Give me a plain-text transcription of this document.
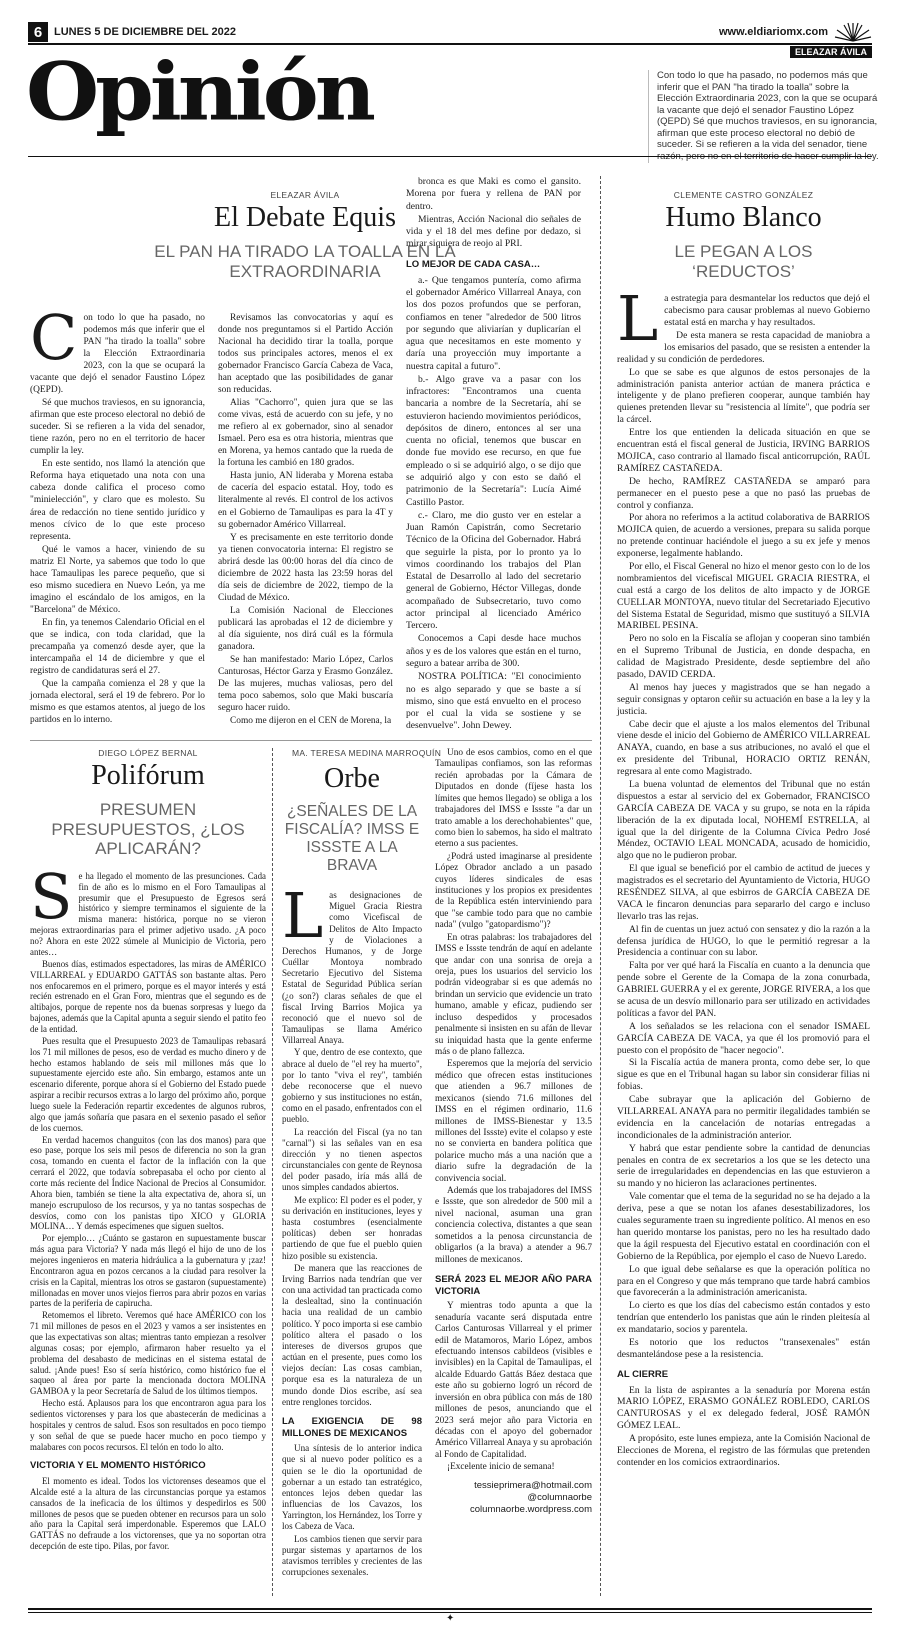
6	LUNES 5 DE DICIEMBRE DEL 2022	www.eldiariomx.com
ELEAZAR ÁVILA
Opinión	Con todo lo que ha pasado, no podemos más que inferir que el PAN "ha tirado la toalla" sobre la Elección Extraordinaria 2023, con la que se ocupará la vacante que dejó el senador Faustino López (QEPD) Sé que muchos traviesos, en su ignorancia, afirman que este proceso electoral no debió de suceder. Si se refieren a la vida del senador, tiene razón, pero no en el territorio de hacer cumplir la ley.
ELEAZAR ÁVILA
El Debate Equis
EL PAN HA TIRADO LA TOALLA EN LA EXTRAORDINARIA

Con todo lo que ha pasado, no podemos más que inferir que el PAN "ha tirado la toalla" sobre la Elección Extraordinaria 2023, con la que se ocupará la vacante que dejó el senador Faustino López (QEPD).

Sé que muchos traviesos, en su ignorancia, afirman que este proceso electoral no debió de suceder. Si se refieren a la vida del senador, tiene razón, pero no en el territorio de hacer cumplir la ley.

En este sentido, nos llamó la atención que Reforma haya etiquetado una nota con una cabeza donde califica el proceso como "minielección", y claro que es molesto. Su área de redacción no tiene sentido jurídico y menos cívico de lo que este proceso representa.

Qué le vamos a hacer, viniendo de su matriz El Norte, ya sabemos que todo lo que hace Tamaulipas les parece pequeño, que si eso mismo sucediera en Nuevo León, ya me imagino el escándalo de los amigos, en la "Barcelona" de México.

En fin, ya tenemos Calendario Oficial en el que se indica, con toda claridad, que la precampaña ya comenzó desde ayer, que la intercampaña el 14 de diciembre y que el registro de candidaturas será el 27.

Que la campaña comienza el 28 y que la jornada electoral, será el 19 de febrero. Por lo mismo es que estamos atentos, al juego de los partidos en lo interno.

Revisamos las convocatorias y aquí es donde nos preguntamos si el Partido Acción Nacional ha decidido tirar la toalla, porque todos sus principales actores, menos el ex gobernador Francisco García Cabeza de Vaca, han aceptado que las posibilidades de ganar son reducidas.

Alias "Cachorro", quien jura que se las come vivas, está de acuerdo con su jefe, y no me refiero al ex gobernador, sino al senador Ismael. Pero esa es otra historia, mientras que en Morena, ya hemos cantado que la rueda de la fortuna les cambió en 180 grados.

Hasta junio, AN lideraba y Morena estaba de cacería del espacio estatal. Hoy, todo es literalmente al revés. El control de los activos en el Gobierno de Tamaulipas es para la 4T y su gobernador Américo Villarreal.

Y es precisamente en este territorio donde ya tienen convocatoria interna: El registro se abrirá desde las 00:00 horas del día cinco de diciembre de 2022 hasta las 23:59 horas del día seis de diciembre de 2022, tiempo de la Ciudad de México.

La Comisión Nacional de Elecciones publicará las aprobadas el 12 de diciembre y al día siguiente, nos dirá cuál es la fórmula ganadora.

Se han manifestado: Mario López, Carlos Canturosas, Héctor Garza y Erasmo González. De las mujeres, muchas valiosas, pero del tema poco sabemos, solo que Maki buscaría seguro hacer ruido.

Como me dijeron en el CEN de Morena, la

bronca es que Maki es como el gansito. Morena por fuera y rellena de PAN por dentro.

Mientras, Acción Nacional dio señales de vida y el 18 del mes define por dedazo, si mirar siquiera de reojo al PRI.

LO MEJOR DE CADA CASA…

a.- Que tengamos puntería, como afirma el gobernador Américo Villarreal Anaya, con los dos pozos profundos que se perforan, confiamos en tener "alrededor de 500 litros por segundo que aliviarían y duplicarían el agua que necesitamos en este momento y daría una proyección muy importante a nuestra capital a futuro".

b.- Algo grave va a pasar con los infractores: "Encontramos una cuenta bancaria a nombre de la Secretaría, ahí se estuvieron haciendo movimientos periódicos, depósitos de dinero, entonces al ser una cuenta no oficial, tenemos que buscar en donde fue movido ese recurso, en que fue empleado o si se adquirió algo, o se dijo que se adquirió algo y con esto se dañó el patrimonio de la Secretaría": Lucía Aimé Castillo Pastor.

c.- Claro, me dio gusto ver en estelar a Juan Ramón Capistrán, como Secretario Técnico de la Oficina del Gobernador. Habrá que seguirle la pista, por lo pronto ya lo vimos coordinando los trabajos del Plan Estatal de Desarrollo al lado del secretario general de Gobierno, Héctor Villegas, donde acompañado de Subsecretario, tuvo como actor principal al licenciado Américo Tercero.

Conocemos a Capi desde hace muchos años y es de los valores que están en el turno, seguro a batear arriba de 300.

NOSTRA POLÍTICA: "El conocimiento no es algo separado y que se baste a sí mismo, sino que está envuelto en el proceso por el cual la vida se sostiene y se desenvuelve". John Dewey.

CLEMENTE CASTRO GONZÁLEZ
Humo Blanco
LE PEGAN A LOS ‘REDUCTOS’

La estrategia para desmantelar los reductos que dejó el cabecismo para causar problemas al nuevo Gobierno estatal está en marcha y hay resultados.

De esta manera se resta capacidad de maniobra a los emisarios del pasado, que se resisten a entender la realidad y su condición de perdedores.

Lo que se sabe es que algunos de estos personajes de la administración panista anterior actúan de manera práctica e inteligente y de plano prefieren cooperar, aunque también hay quienes pretenden llevar su "resistencia al límite", que podría ser la cárcel.

Entre los que entienden la delicada situación en que se encuentran está el fiscal general de Justicia, IRVING BARRIOS MOJICA, caso contrario al llamado fiscal anticorrupción, RAÚL RAMÍREZ CASTAÑEDA.

De hecho, RAMÍREZ CASTAÑEDA se amparó para permanecer en el puesto pese a que no pasó las pruebas de control y confianza.

Por ahora no referimos a la actitud colaborativa de BARRIOS MOJICA quien, de acuerdo a versiones, prepara su salida porque no pretende continuar haciéndole el juego a su ex jefe y menos exponerse, legalmente hablando.

Por ello, el Fiscal General no hizo el menor gesto con lo de los nombramientos del vicefiscal MIGUEL GRACIA RIESTRA, el cual está a cargo de los delitos de alto impacto y de JORGE CUELLAR MONTOYA, nuevo titular del Secretariado Ejecutivo del Sistema Estatal de Seguridad, mismo que sustituyó a SILVIA MARIBEL PESINA.

Pero no solo en la Fiscalía se aflojan y cooperan sino también en el Supremo Tribunal de Justicia, en donde despacha, en calidad de Magistrado Presidente, desde septiembre del año pasado, DAVID CERDA.

Al menos hay jueces y magistrados que se han negado a seguir consignas y optaron ceñir su actuación en base a la ley y la justicia.

Cabe decir que el ajuste a los malos elementos del Tribunal viene desde el inicio del Gobierno de AMÉRICO VILLARREAL ANAYA, cuando, en base a sus atribuciones, no avaló el que el ex presidente del Tribunal, HORACIO ORTIZ RENÁN, regresara al ente como Magistrado.

La buena voluntad de elementos del Tribunal que no están dispuestos a estar al servicio del ex Gobernador, FRANCISCO GARCÍA CABEZA DE VACA y su grupo, se nota en la rápida liberación de la ex diputada local, NOHEMÍ ESTRELLA, al igual que la del dirigente de la Columna Cívica Pedro José Méndez, OCTAVIO LEAL MONCADA, acusado de homicidio, algo que no le pudieron probar.

El que igual se benefició por el cambio de actitud de jueces y magistrados es el secretario del Ayuntamiento de Victoria, HUGO RESÉNDEZ SILVA, al que esbirros de GARCÍA CABEZA DE VACA le fincaron denuncias para separarlo del cargo e incluso llevarlo tras las rejas.

Al fin de cuentas un juez actuó con sensatez y dio la razón a la defensa jurídica de HUGO, lo que le permitió regresar a la Presidencia a continuar con su labor.

Falta por ver qué hará la Fiscalía en cuanto a la denuncia que pende sobre el Gerente de la Comapa de la zona conurbada, GABRIEL GUERRA y el ex gerente, JORGE RIVERA, a los que se acusa de un desvío millonario para ser utilizado en actividades políticas a favor del PAN.

A los señalados se les relaciona con el senador ISMAEL GARCÍA CABEZA DE VACA, ya que él los promovió para el puesto con el propósito de "hacer negocio".

Si la Fiscalía actúa de manera pronta, como debe ser, lo que sigue es que en el Tribunal hagan su labor sin considerar filias ni fobias.

Cabe subrayar que la aplicación del Gobierno de VILLARREAL ANAYA para no permitir ilegalidades también se evidencia en la cancelación de notarías entregadas a incondicionales de la administración anterior.

Y habrá que estar pendiente sobre la cantidad de denuncias penales en contra de ex secretarios a los que se les detecto una serie de irregularidades en dependencias en las que estuvieron a su mando y no hicieron las aclaraciones pertinentes.

Vale comentar que el tema de la seguridad no se ha dejado a la deriva, pese a que se notan los afanes desestabilizadores, los cuales seguramente traen su ingrediente político. Al menos en eso han querido montarse los panistas, pero no les ha resultado dado que la ágil respuesta del Ejecutivo estatal en coordinación con el Gobierno de la República, por ejemplo el caso de Nuevo Laredo.

Lo que igual debe señalarse es que la operación política no para en el Congreso y que más temprano que tarde habrá cambios que favorecerán a la administración americanista.

Lo cierto es que los días del cabecismo están contados y esto tendrían que entenderlo los panistas que aún le rinden pleitesía al ex mandatario, socios y parentela.

Es notorio que los reductos "transexenales" están desmantelándose pese a la resistencia.

AL CIERRE

En la lista de aspirantes a la senaduría por Morena están MARIO LÓPEZ, ERASMO GONÁLEZ ROBLEDO, CARLOS CANTUROSAS y el ex delegado federal, JOSÉ RAMÓN GÓMEZ LEAL.

A propósito, este lunes empieza, ante la Comisión Nacional de Elecciones de Morena, el registro de las fórmulas que pretenden contender en los comicios extraordinarios.

DIEGO LÓPEZ BERNAL
Polifórum
PRESUMEN PRESUPUESTOS, ¿LOS APLICARÁN?

Se ha llegado el momento de las presunciones. Cada fin de año es lo mismo en el Foro Tamaulipas al presumir que el Presupuesto de Egresos será histórico y siempre terminamos el siguiente de la misma manera: histórica, porque no se vieron mejoras extraordinarias para el primer adjetivo usado. ¿A poco no? Ahora en este 2022 súmele al Municipio de Victoria, pero antes…

Buenos días, estimados espectadores, las miras de AMÉRICO VILLARREAL y EDUARDO GATTÁS son bastante altas. Pero nos enfocaremos en el primero, porque es el mayor interés y está recién estrenado en el Gran Foro, mientras que el segundo es de altibajos, porque de repente nos da buenas sorpresas y luego da bajones, además que la Capital apunta a seguir siendo el patito feo de la entidad.

Pues resulta que el Presupuesto 2023 de Tamaulipas rebasará los 71 mil millones de pesos, eso de verdad es mucho dinero y de hecho estamos hablando de seis mil millones más que lo supuestamente ejercido este año. Sin embargo, estamos ante un escenario diferente, porque ahora sí el Gobierno del Estado puede aspirar a recibir recursos extras a lo largo del próximo año, porque luego suele la Federación repartir excedentes de algunos rubros, algo que jamás soñaría que pasara en el sexenio pasado el señor de los cuernos.

En verdad hacemos changuitos (con las dos manos) para que eso pase, porque los seis mil pesos de diferencia no son la gran cosa, tomando en cuenta el factor de la inflación con la que cerrará el 2022, que todavía sobrepasaba el ocho por ciento al corte más reciente del Índice Nacional de Precios al Consumidor. Ahora bien, también se tiene la alta expectativa de, ahora sí, un manejo escrupuloso de los recursos, y ya no tantas sospechas de desvíos, como con los panistas tipo XICO y GLORIA MOLINA… Y demás especímenes que siguen sueltos.

Por ejemplo… ¿Cuánto se gastaron en supuestamente buscar más agua para Victoria? Y nada más llegó el hijo de uno de los mejores ingenieros en materia hidráulica a la gubernatura y ¡zaz! Encontraron agua en pozos cercanos a la ciudad para resolver la crisis en la Capital, mientras los otros se gastaron (supuestamente) millonadas en mover unos viejos fierros para abrir pozos en varias partes de la periferia de capirucha.

Retomemos el libreto. Veremos qué hace AMÉRICO con los 71 mil millones de pesos en el 2023 y vamos a ser insistentes en que las expectativas son altas; mientras tanto empiezan a resolver algunas cosas; por ejemplo, afirmaron haber resuelto ya el problema del desabasto de medicinas en el sistema estatal de salud. ¡Ande pues! Eso sí sería histórico, como histórico fue el saqueo al área por parte la mencionada doctora MOLINA GAMBOA y la peor Secretaría de Salud de los últimos tiempos.

Hecho está. Aplausos para los que encontraron agua para los sedientos victorenses y para los que abastecerán de medicinas a hospitales y centros de salud. Esos son resultados en poco tiempo y son señal de que se puede hacer mucho en poco tiempo y malabares con pocos recursos. El telón en todo lo alto.

VICTORIA Y EL MOMENTO HISTÓRICO

El momento es ideal. Todos los victorenses deseamos que el Alcalde esté a la altura de las circunstancias porque ya estamos cansados de la ineficacia de los últimos y despedirlos es 500 millones de pesos que se pueden obtener en recursos para un solo año para la Capital será imperdonable. Esperemos que LALO GATTÁS no defraude a los victorenses, que ya no soportan otra decepción de este tipo. Pilas, por favor.

MA. TERESA MEDINA MARROQUÍN
Orbe
¿SEÑALES DE LA FISCALÍA? IMSS E ISSSTE A LA BRAVA

Las designaciones de Miguel Gracia Riestra como Vicefiscal de Delitos de Alto Impacto y de Violaciones a Derechos Humanos, y de Jorge Cuéllar Montoya nombrado Secretario Ejecutivo del Sistema Estatal de Seguridad Pública serían (¿o son?) claras señales de que el fiscal Irving Barrios Mojica ya reconoció que el nuevo sol de Tamaulipas se llama Américo Villarreal Anaya.

Y que, dentro de ese contexto, que abrace al duelo de "el rey ha muerto", por lo tanto "viva el rey", también debe reconocerse que el nuevo gobierno y sus instituciones no están, como en el pasado, enfrentados con el pueblo.

La reacción del Fiscal (ya no tan "carnal") si las señales van en esa dirección y no tienen aspectos circunstanciales con gente de Reynosa del poder pasado, iría más allá de unos simples candados abiertos.

Me explico: El poder es el poder, y su derivación en instituciones, leyes y hasta costumbres (esencialmente políticas) deben ser honradas partiendo de que fue el pueblo quien hizo posible su existencia.

De manera que las reacciones de Irving Barrios nada tendrían que ver con una actividad tan practicada como la deslealtad, sino la continuación hacia una realidad de un cambio político. Y poco importa si ese cambio político altera el pasado o los intereses de diversos grupos que actúan en el presente, pues como los viejos decían: Las cosas cambian, porque esa es la naturaleza de un mundo donde Dios escribe, así sea entre renglones torcidos.

LA EXIGENCIA DE 98 MILLONES DE MEXICANOS

Una síntesis de lo anterior indica que si al nuevo poder político es a quien se le dio la oportunidad de gobernar a un estado tan estratégico, entonces lejos deben quedar las influencias de los Cavazos, los Yarrington, los Hernández, los Torre y los Cabeza de Vaca.

Los cambios tienen que servir para purgar sistemas y apartarnos de los atavismos terribles y crecientes de las corrupciones sexenales.

Uno de esos cambios, como en el que Tamaulipas confiamos, son las reformas recién aprobadas por la Cámara de Diputados en donde (fíjese hasta los límites que hemos llegado) se obliga a los trabajadores del IMSS e Issste "a dar un trato amable a los derechohabientes" que, como bien lo sabemos, ha sido el maltrato eterno a sus pacientes.

¿Podrá usted imaginarse al presidente López Obrador anclado a un pasado cuyos líderes sindicales de esas instituciones y los propios ex presidentes de la República estén interviniendo para que "se cambie todo para que no cambie nada" (vulgo "gatopardismo")?

En otras palabras: los trabajadores del IMSS e Issste tendrán de aquí en adelante que andar con una sonrisa de oreja a oreja, pues los usuarios del servicio los podrán videograbar si es que además no brindan un servicio que evidencie un trato humano, amable y eficaz, pudiendo ser incluso despedidos y procesados penalmente si insisten en su afán de llevar su iniquidad hasta que la gente enferme más o de plano fallezca.

Esperemos que la mejoría del servicio médico que ofrecen estas instituciones que atienden a 96.7 millones de mexicanos (siendo 71.6 millones del IMSS en el régimen ordinario, 11.6 millones de IMSS-Bienestar y 13.5 millones del Issste) evite el colapso y este no se convierta en bandera política que polarice mucho más a una nación que a diario sufre la degradación de la convivencia social.

Además que los trabajadores del IMSS e Issste, que son alrededor de 500 mil a nivel nacional, asuman una gran conciencia colectiva, distantes a que sean sometidos a la penosa circunstancia de obligarlos (a la brava) a atender a 96.7 millones de mexicanos.

SERÁ 2023 EL MEJOR AÑO PARA VICTORIA

Y mientras todo apunta a que la senaduría vacante será disputada entre Carlos Canturosas Villarreal y el primer edil de Matamoros, Mario López, ambos efectuando intensos cabildeos (visibles e invisibles) en la Capital de Tamaulipas, el alcalde Eduardo Gattás Báez destaca que este año su gobierno logró un récord de inversión en obra pública con más de 180 millones de pesos, anunciando que el 2023 será mejor año para Victoria en décadas con el apoyo del gobernador Américo Villarreal Anaya y su aprobación al Fondo de Capitalidad.

¡Excelente inicio de semana!

tessieprimera@hotmail.com
@columnaorbe
columnaorbe.wordpress.com
✦
